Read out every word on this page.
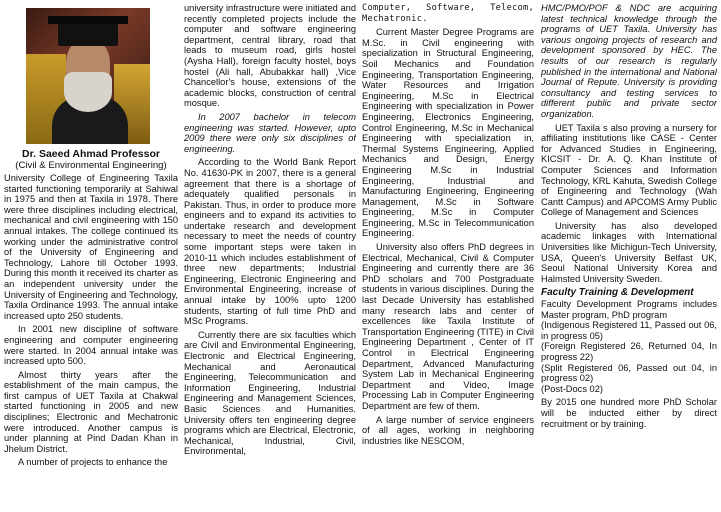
Dr. Saeed Ahmad Professor

(Civil & Environmental Engineering)

University College of Engineering Taxila started functioning temporarily at Sahiwal in 1975 and then at Taxila in 1978. There were three disciplines including electrical, mechanical and civil engineering with 150 annual intakes. The college continued its working under the administrative control of the University of Engineering and Technology, Lahore till October 1993. During this month it received its charter as an independent university under the University of Engineering and Technology, Taxila Ordinance 1993. The annual intake increased upto 250 students.

In 2001 new discipline of software engineering and computer engineering were started. In 2004 annual intake was increased upto 500.

Almost thirty years after the establishment of the main campus, the first campus of UET Taxila at Chakwal started functioning in 2005 and new disciplines; Electronic and Mechatronic were introduced. Another campus is under planning at Pind Dadan Khan in Jhelum District.

A number of projects to enhance the

university infrastructure were initiated and recently completed projects include the computer and software engineering department, central library, road that leads to museum road, girls hostel (Aysha Hall), foreign faculty hostel, boys hostel (Ali hall, Abubakkar hall) ,Vice Chancellor's house, extensions of the academic blocks, construction of central mosque.

In 2007 bachelor in telecom engineering was started. However, upto 2009 there were only six disciplines of engineering.

According to the World Bank Report No. 41630-PK in 2007, there is a general agreement that there is a shortage of adequately qualified personals in Pakistan. Thus, in order to produce more engineers and to expand its activities to undertake research and development necessary to meet the needs of country some important steps were taken in 2010-11 which includes establishment of three new departments; Industrial Engineering, Electronic Engineering and Environmental Engineering, increase of annual intake by 100% upto 1200 students, starting of full time PhD and MSc Programs.

Currently there are six faculties which are Civil and Environmental Engineering, Electronic and Electrical Engineering, Mechanical and Aeronautical Engineering, Telecommunication and Information Engineering, Industrial Engineering and Management Sciences, Basic Sciences and Humanities. University offers ten engineering degree programs which are Electrical, Electronic, Mechanical, Industrial, Civil, Environmental,

Computer, Software, Telecom, Mechatronic.

Current Master Degree Programs are M.Sc. in Civil engineering with specialization in Structural Engineering, Soil Mechanics and Foundation Engineering, Transportation Engineering, Water Resources and Irrigation Engineering, M.Sc in Electrical Engineering with specialization in Power Engineering, Electronics Engineering, Control Engineering, M.Sc in Mechanical Engineering with specialization in, Thermal Systems Engineering, Applied Mechanics and Design, Energy Engineering M.Sc in Industrial Engineering, Industrial and Manufacturing Engineering, Engineering Management, M.Sc in Software Engineering, M.Sc in Computer Engineering, M.Sc in Telecommunication Engineering.

University also offers PhD degrees in Electrical, Mechanical, Civil & Computer Engineering and currently there are 36 PhD scholars and 700 Postgraduate students in various disciplines. During the last Decade University has established many research labs and center of excellences like Taxila Institute of Transportation Engineering (TITE) in Civil Engineering Department , Center of IT Control in Electrical Engineering Department, Advanced Manufacturing System Lab in Mechanical Engineering Department and Video, Image Processing Lab in Computer Engineering Department are few of them.

A large number of service engineers of all ages, working in neighboring industries like NESCOM,

HMC/PMO/POF & NDC are acquiring latest technical knowledge through the programs of UET Taxila. University has various ongoing projects of research and development sponsored by HEC. The results of our research is regularly published in the international and National Journal of Repute. University is providing consultancy and testing services to different public and private sector organization.

UET Taxila s also proving a nursery for affiliating institutions like CASE - Center for Advanced Studies in Engineering, KICSIT - Dr. A. Q. Khan Institute of Computer Sciences and Information Technology, KRL Kahuta, Swedish College of Engineering and Technology (Wah Cantt Campus) and APCOMS Army Public College of Management and Sciences

University has also developed academic linkages with International Universities like Michigun-Tech University, USA, Queen's University Belfast UK, Seoul National University Korea and Halmsted University Sweden.

Faculty Training & Development

Faculty Development Programs includes Master program, PhD program

(Indigenous Registered 11, Passed out 06, in progress 05)

(Foreign Registered 26, Returned 04, In progress 22)

(Split Registered 06, Passed out 04, in progress 02)

(Post-Docs 02)

By 2015 one hundred more PhD Scholar will be inducted either by direct recruitment or by training.
